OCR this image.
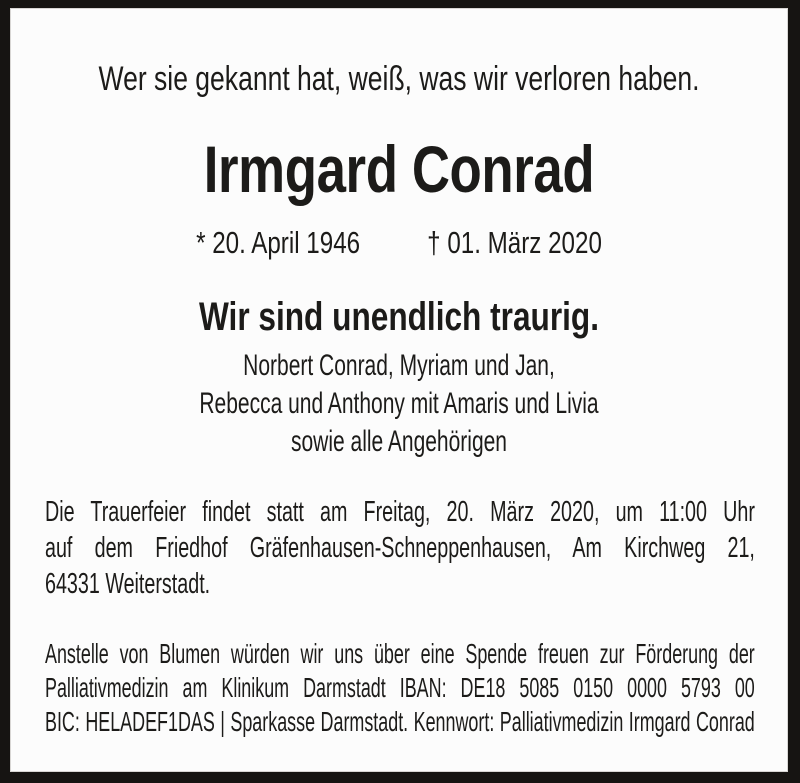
Wer sie gekannt hat, weiß, was wir verloren haben.
Irmgard Conrad
* 20. April 1946 † 01. März 2020
Wir sind unendlich traurig.
Norbert Conrad, Myriam und Jan,
Rebecca und Anthony mit Amaris und Livia
sowie alle Angehörigen
Die Trauerfeier findet statt am Freitag, 20. März 2020, um 11:00 Uhr
auf dem Friedhof Gräfenhausen-Schneppenhausen, Am Kirchweg 21,
64331 Weiterstadt.
Anstelle von Blumen würden wir uns über eine Spende freuen zur Förderung der
Palliativmedizin am Klinikum Darmstadt IBAN: DE18 5085 0150 0000 5793 00
BIC: HELADEF1DAS | Sparkasse Darmstadt. Kennwort: Palliativmedizin Irmgard Conrad
